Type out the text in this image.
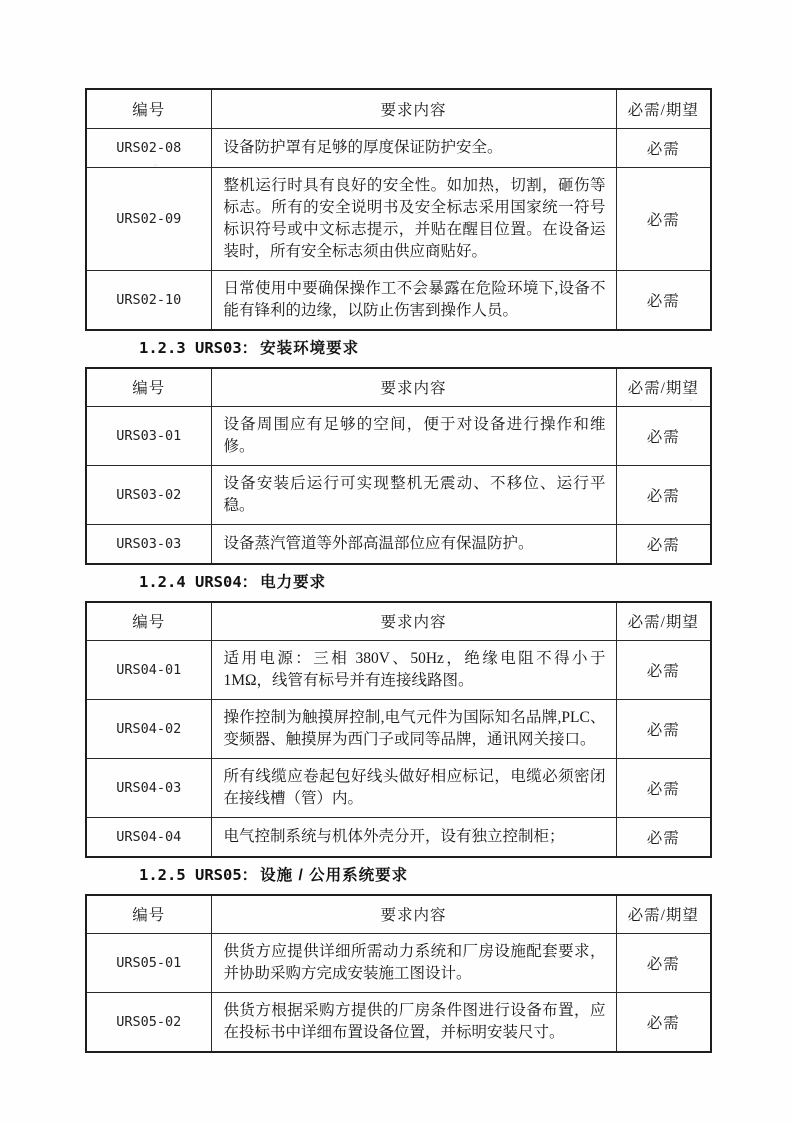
编号	要求内容	必需/期望
URS02-08	设备防护罩有足够的厚度保证防护安全。	必需
URS02-09	整机运行时具有良好的安全性。如加热，切割，砸伤等标志。所有的安全说明书及安全标志采用国家统一符号标识符号或中文标志提示，并贴在醒目位置。在设备运装时，所有安全标志须由供应商贴好。	必需
URS02-10	日常使用中要确保操作工不会暴露在危险环境下,设备不能有锋利的边缘，以防止伤害到操作人员。	必需
1.2.3 URS03： 安装环境要求
编号	要求内容	必需/期望
URS03-01	设备周围应有足够的空间，便于对设备进行操作和维修。	必需
URS03-02	设备安装后运行可实现整机无震动、不移位、运行平稳。	必需
URS03-03	设备蒸汽管道等外部高温部位应有保温防护。	必需
1.2.4 URS04： 电力要求
编号	要求内容	必需/期望
URS04-01	适用电源：三相 380V、50Hz，绝缘电阻不得小于 1MΩ，线管有标号并有连接线路图。	必需
URS04-02	操作控制为触摸屏控制,电气元件为国际知名品牌,PLC、变频器、触摸屏为西门子或同等品牌，通讯网关接口。	必需
URS04-03	所有线缆应卷起包好线头做好相应标记，电缆必须密闭在接线槽（管）内。	必需
URS04-04	电气控制系统与机体外壳分开，设有独立控制柜；	必需
1.2.5 URS05： 设施 / 公用系统要求
编号	要求内容	必需/期望
URS05-01	供货方应提供详细所需动力系统和厂房设施配套要求，并协助采购方完成安装施工图设计。	必需
URS05-02	供货方根据采购方提供的厂房条件图进行设备布置，应在投标书中详细布置设备位置，并标明安装尺寸。	必需
